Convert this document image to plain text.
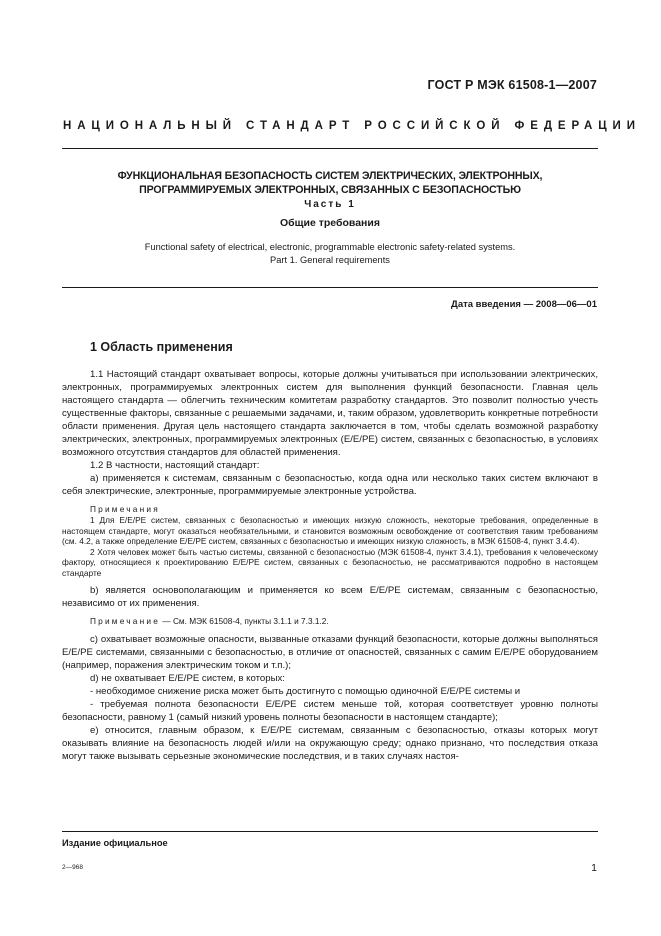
ГОСТ Р МЭК 61508-1—2007
НАЦИОНАЛЬНЫЙ СТАНДАРТ РОССИЙСКОЙ ФЕДЕРАЦИИ
ФУНКЦИОНАЛЬНАЯ БЕЗОПАСНОСТЬ СИСТЕМ ЭЛЕКТРИЧЕСКИХ, ЭЛЕКТРОННЫХ,
ПРОГРАММИРУЕМЫХ ЭЛЕКТРОННЫХ, СВЯЗАННЫХ С БЕЗОПАСНОСТЬЮ
Часть 1
Общие требования
Functional safety of electrical, electronic, programmable electronic safety-related systems.
Part 1. General requirements
Дата введения — 2008—06—01
1 Область применения

1.1 Настоящий стандарт охватывает вопросы, которые должны учитываться при использовании электрических, электронных, программируемых электронных систем для выполнения функций безопасности. Главная цель настоящего стандарта — облегчить техническим комитетам разработку стандартов. Это позволит полностью учесть существенные факторы, связанные с решаемыми задачами, и, таким образом, удовлетворить конкретные потребности области применения. Другая цель настоящего стандарта заключается в том, чтобы сделать возможной разработку электрических, электронных, программируемых электронных (Е/Е/РЕ) систем, связанных с безопасностью, в условиях возможного отсутствия стандартов для областей применения.

1.2 В частности, настоящий стандарт:

а) применяется к системам, связанным с безопасностью, когда одна или несколько таких систем включают в себя электрические, электронные, программируемые электронные устройства.

Примечания

1 Для Е/Е/РЕ систем, связанных с безопасностью и имеющих низкую сложность, некоторые требования, определенные в настоящем стандарте, могут оказаться необязательными, и становится возможным освобождение от соответствия таким требованиям (см. 4.2, а также определение Е/Е/РЕ систем, связанных с безопасностью и имеющих низкую сложность, в МЭК 61508-4, пункт 3.4.4).

2 Хотя человек может быть частью системы, связанной с безопасностью (МЭК 61508-4, пункт 3.4.1), требования к человеческому фактору, относящиеся к проектированию Е/Е/РЕ систем, связанных с безопасностью, не рассматриваются подробно в настоящем стандарте

b) является основополагающим и применяется ко всем Е/Е/РЕ системам, связанным с безопасностью, независимо от их применения.

Примечание — См. МЭК 61508-4, пункты 3.1.1 и 7.3.1.2.

с) охватывает возможные опасности, вызванные отказами функций безопасности, которые должны выполняться Е/Е/РЕ системами, связанными с безопасностью, в отличие от опасностей, связанных с самим Е/Е/РЕ оборудованием (например, поражения электрическим током и т.п.);

d) не охватывает Е/Е/РЕ систем, в которых:

- необходимое снижение риска может быть достигнуто с помощью одиночной Е/Е/РЕ системы и

- требуемая полнота безопасности Е/Е/РЕ систем меньше той, которая соответствует уровню полноты безопасности, равному 1 (самый низкий уровень полноты безопасности в настоящем стандарте);

е) относится, главным образом, к Е/Е/РЕ системам, связанным с безопасностью, отказы которых могут оказывать влияние на безопасность людей и/или на окружающую среду; однако признано, что последствия отказа могут также вызывать серьезные экономические последствия, и в таких случаях настоя-

Издание официальное
2—968	1
